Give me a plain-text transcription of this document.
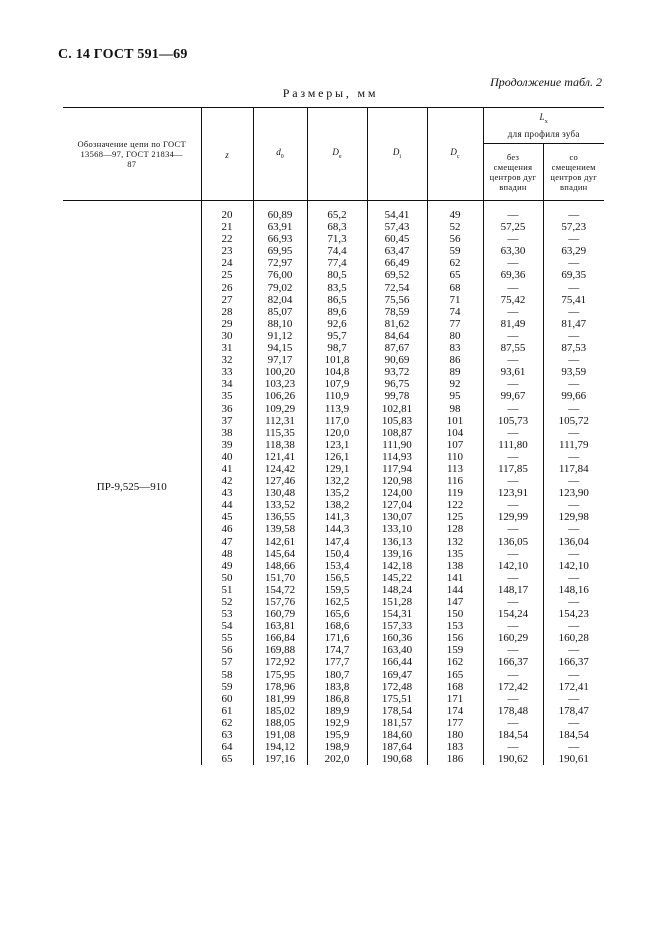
С. 14 ГОСТ 591—69
Продолжение табл. 2
Размеры, мм
Обозначение цепи по ГОСТ 13568—97, ГОСТ 21834—87	z	$d_0$	$D_e$	$D_i$	$D_c$	$L_x$
для профиля зуба	

						без смещения центров дуг впадин	со смещением центров дуг впадин

ПР-9,525—910	20	60,89	65,2	54,41	49	—	—
	21	63,91	68,3	57,43	52	57,25	57,23
	22	66,93	71,3	60,45	56	—	—
	23	69,95	74,4	63,47	59	63,30	63,29
	24	72,97	77,4	66,49	62	—	—
	25	76,00	80,5	69,52	65	69,36	69,35
	26	79,02	83,5	72,54	68	—	—
	27	82,04	86,5	75,56	71	75,42	75,41
	28	85,07	89,6	78,59	74	—	—
	29	88,10	92,6	81,62	77	81,49	81,47
	30	91,12	95,7	84,64	80	—	—
	31	94,15	98,7	87,67	83	87,55	87,53
	32	97,17	101,8	90,69	86	—	—
	33	100,20	104,8	93,72	89	93,61	93,59
	34	103,23	107,9	96,75	92	—	—
	35	106,26	110,9	99,78	95	99,67	99,66
	36	109,29	113,9	102,81	98	—	—
	37	112,31	117,0	105,83	101	105,73	105,72
	38	115,35	120,0	108,87	104	—	—
	39	118,38	123,1	111,90	107	111,80	111,79
	40	121,41	126,1	114,93	110	—	—
	41	124,42	129,1	117,94	113	117,85	117,84
	42	127,46	132,2	120,98	116	—	—
	43	130,48	135,2	124,00	119	123,91	123,90
	44	133,52	138,2	127,04	122	—	—
	45	136,55	141,3	130,07	125	129,99	129,98
	46	139,58	144,3	133,10	128	—	—
	47	142,61	147,4	136,13	132	136,05	136,04
	48	145,64	150,4	139,16	135	—	—
	49	148,66	153,4	142,18	138	142,10	142,10
	50	151,70	156,5	145,22	141	—	—
	51	154,72	159,5	148,24	144	148,17	148,16
	52	157,76	162,5	151,28	147	—	—
	53	160,79	165,6	154,31	150	154,24	154,23
	54	163,81	168,6	157,33	153	—	—
	55	166,84	171,6	160,36	156	160,29	160,28
	56	169,88	174,7	163,40	159	—	—
	57	172,92	177,7	166,44	162	166,37	166,37
	58	175,95	180,7	169,47	165	—	—
	59	178,96	183,8	172,48	168	172,42	172,41
	60	181,99	186,8	175,51	171	—	—
	61	185,02	189,9	178,54	174	178,48	178,47
	62	188,05	192,9	181,57	177	—	—
	63	191,08	195,9	184,60	180	184,54	184,54
	64	194,12	198,9	187,64	183	—	—
	65	197,16	202,0	190,68	186	190,62	190,61
